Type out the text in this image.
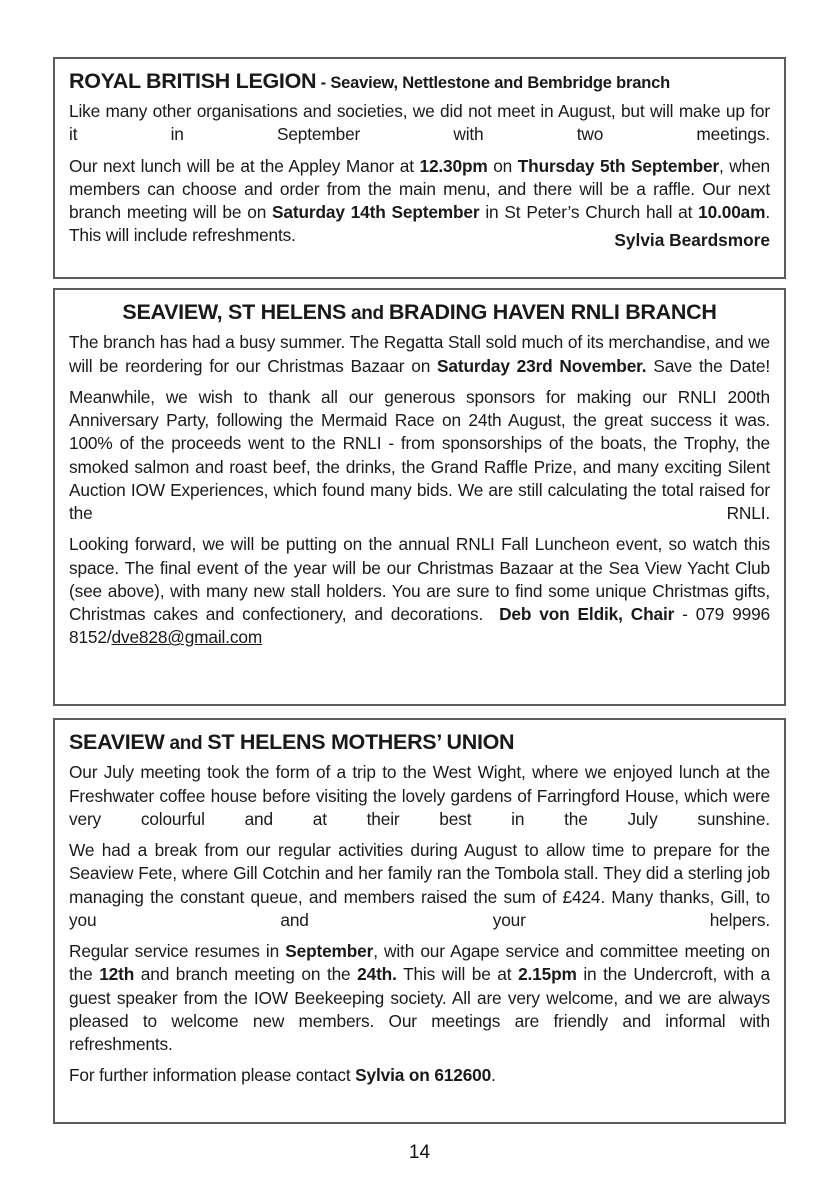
ROYAL BRITISH LEGION - Seaview, Nettlestone and Bembridge branch

Like many other organisations and societies, we did not meet in August, but will make up for it in September with two meetings.

Our next lunch will be at the Appley Manor at 12.30pm on Thursday 5th September, when members can choose and order from the main menu, and there will be a raffle. Our next branch meeting will be on Saturday 14th September in St Peter’s Church hall at 10.00am. This will include refreshments.	Sylvia Beardsmore
SEAVIEW, ST HELENS and BRADING HAVEN RNLI BRANCH

The branch has had a busy summer. The Regatta Stall sold much of its merchandise, and we will be reordering for our Christmas Bazaar on Saturday 23rd November. Save the Date!

Meanwhile, we wish to thank all our generous sponsors for making our RNLI 200th Anniversary Party, following the Mermaid Race on 24th August, the great success it was. 100% of the proceeds went to the RNLI - from sponsorships of the boats, the Trophy, the smoked salmon and roast beef, the drinks, the Grand Raffle Prize, and many exciting Silent Auction IOW Experiences, which found many bids. We are still calculating the total raised for the RNLI.

Looking forward, we will be putting on the annual RNLI Fall Luncheon event, so watch this space. The final event of the year will be our Christmas Bazaar at the Sea View Yacht Club (see above), with many new stall holders. You are sure to find some unique Christmas gifts, Christmas cakes and confectionery, and decorations.  Deb von Eldik, Chair - 079 9996 8152/dve828@gmail.com

SEAVIEW and ST HELENS MOTHERS’ UNION

Our July meeting took the form of a trip to the West Wight, where we enjoyed lunch at the Freshwater coffee house before visiting the lovely gardens of Farringford House, which were very colourful and at their best in the July sunshine.

We had a break from our regular activities during August to allow time to prepare for the Seaview Fete, where Gill Cotchin and her family ran the Tombola stall. They did a sterling job managing the constant queue, and members raised the sum of £424. Many thanks, Gill, to you and your helpers.

Regular service resumes in September, with our Agape service and committee meeting on the 12th and branch meeting on the 24th. This will be at 2.15pm in the Undercroft, with a guest speaker from the IOW Beekeeping society. All are very welcome, and we are always pleased to welcome new members. Our meetings are friendly and informal with refreshments.

For further information please contact Sylvia on 612600.

14
